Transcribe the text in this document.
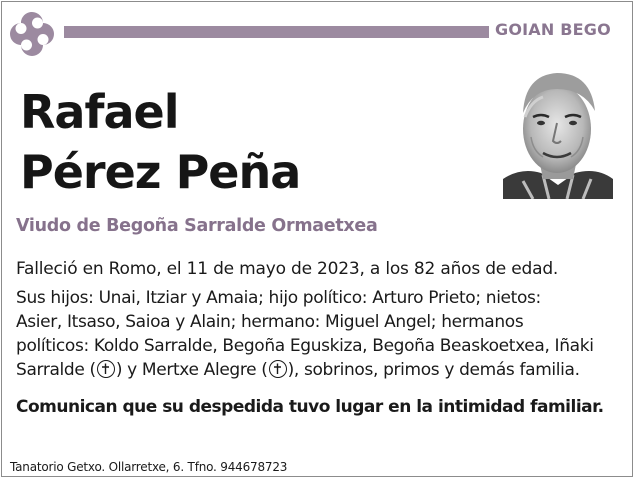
GOIAN BEGO
Rafael
Pérez Peña
Viudo de Begoña Sarralde Ormaetxea
Falleció en Romo, el 11 de mayo de 2023, a los 82 años de edad.
Sus hijos: Unai, Itziar y Amaia; hijo político: Arturo Prieto; nietos:
Asier, Itsaso, Saioa y Alain; hermano: Miguel Angel; hermanos
políticos: Koldo Sarralde, Begoña Eguskiza, Begoña Beaskoetxea, Iñaki
Sarralde ( ) y Mertxe Alegre ( ), sobrinos, primos y demás familia.
Comunican que su despedida tuvo lugar en la intimidad familiar.
Tanatorio Getxo. Ollarretxe, 6. Tfno. 944678723
